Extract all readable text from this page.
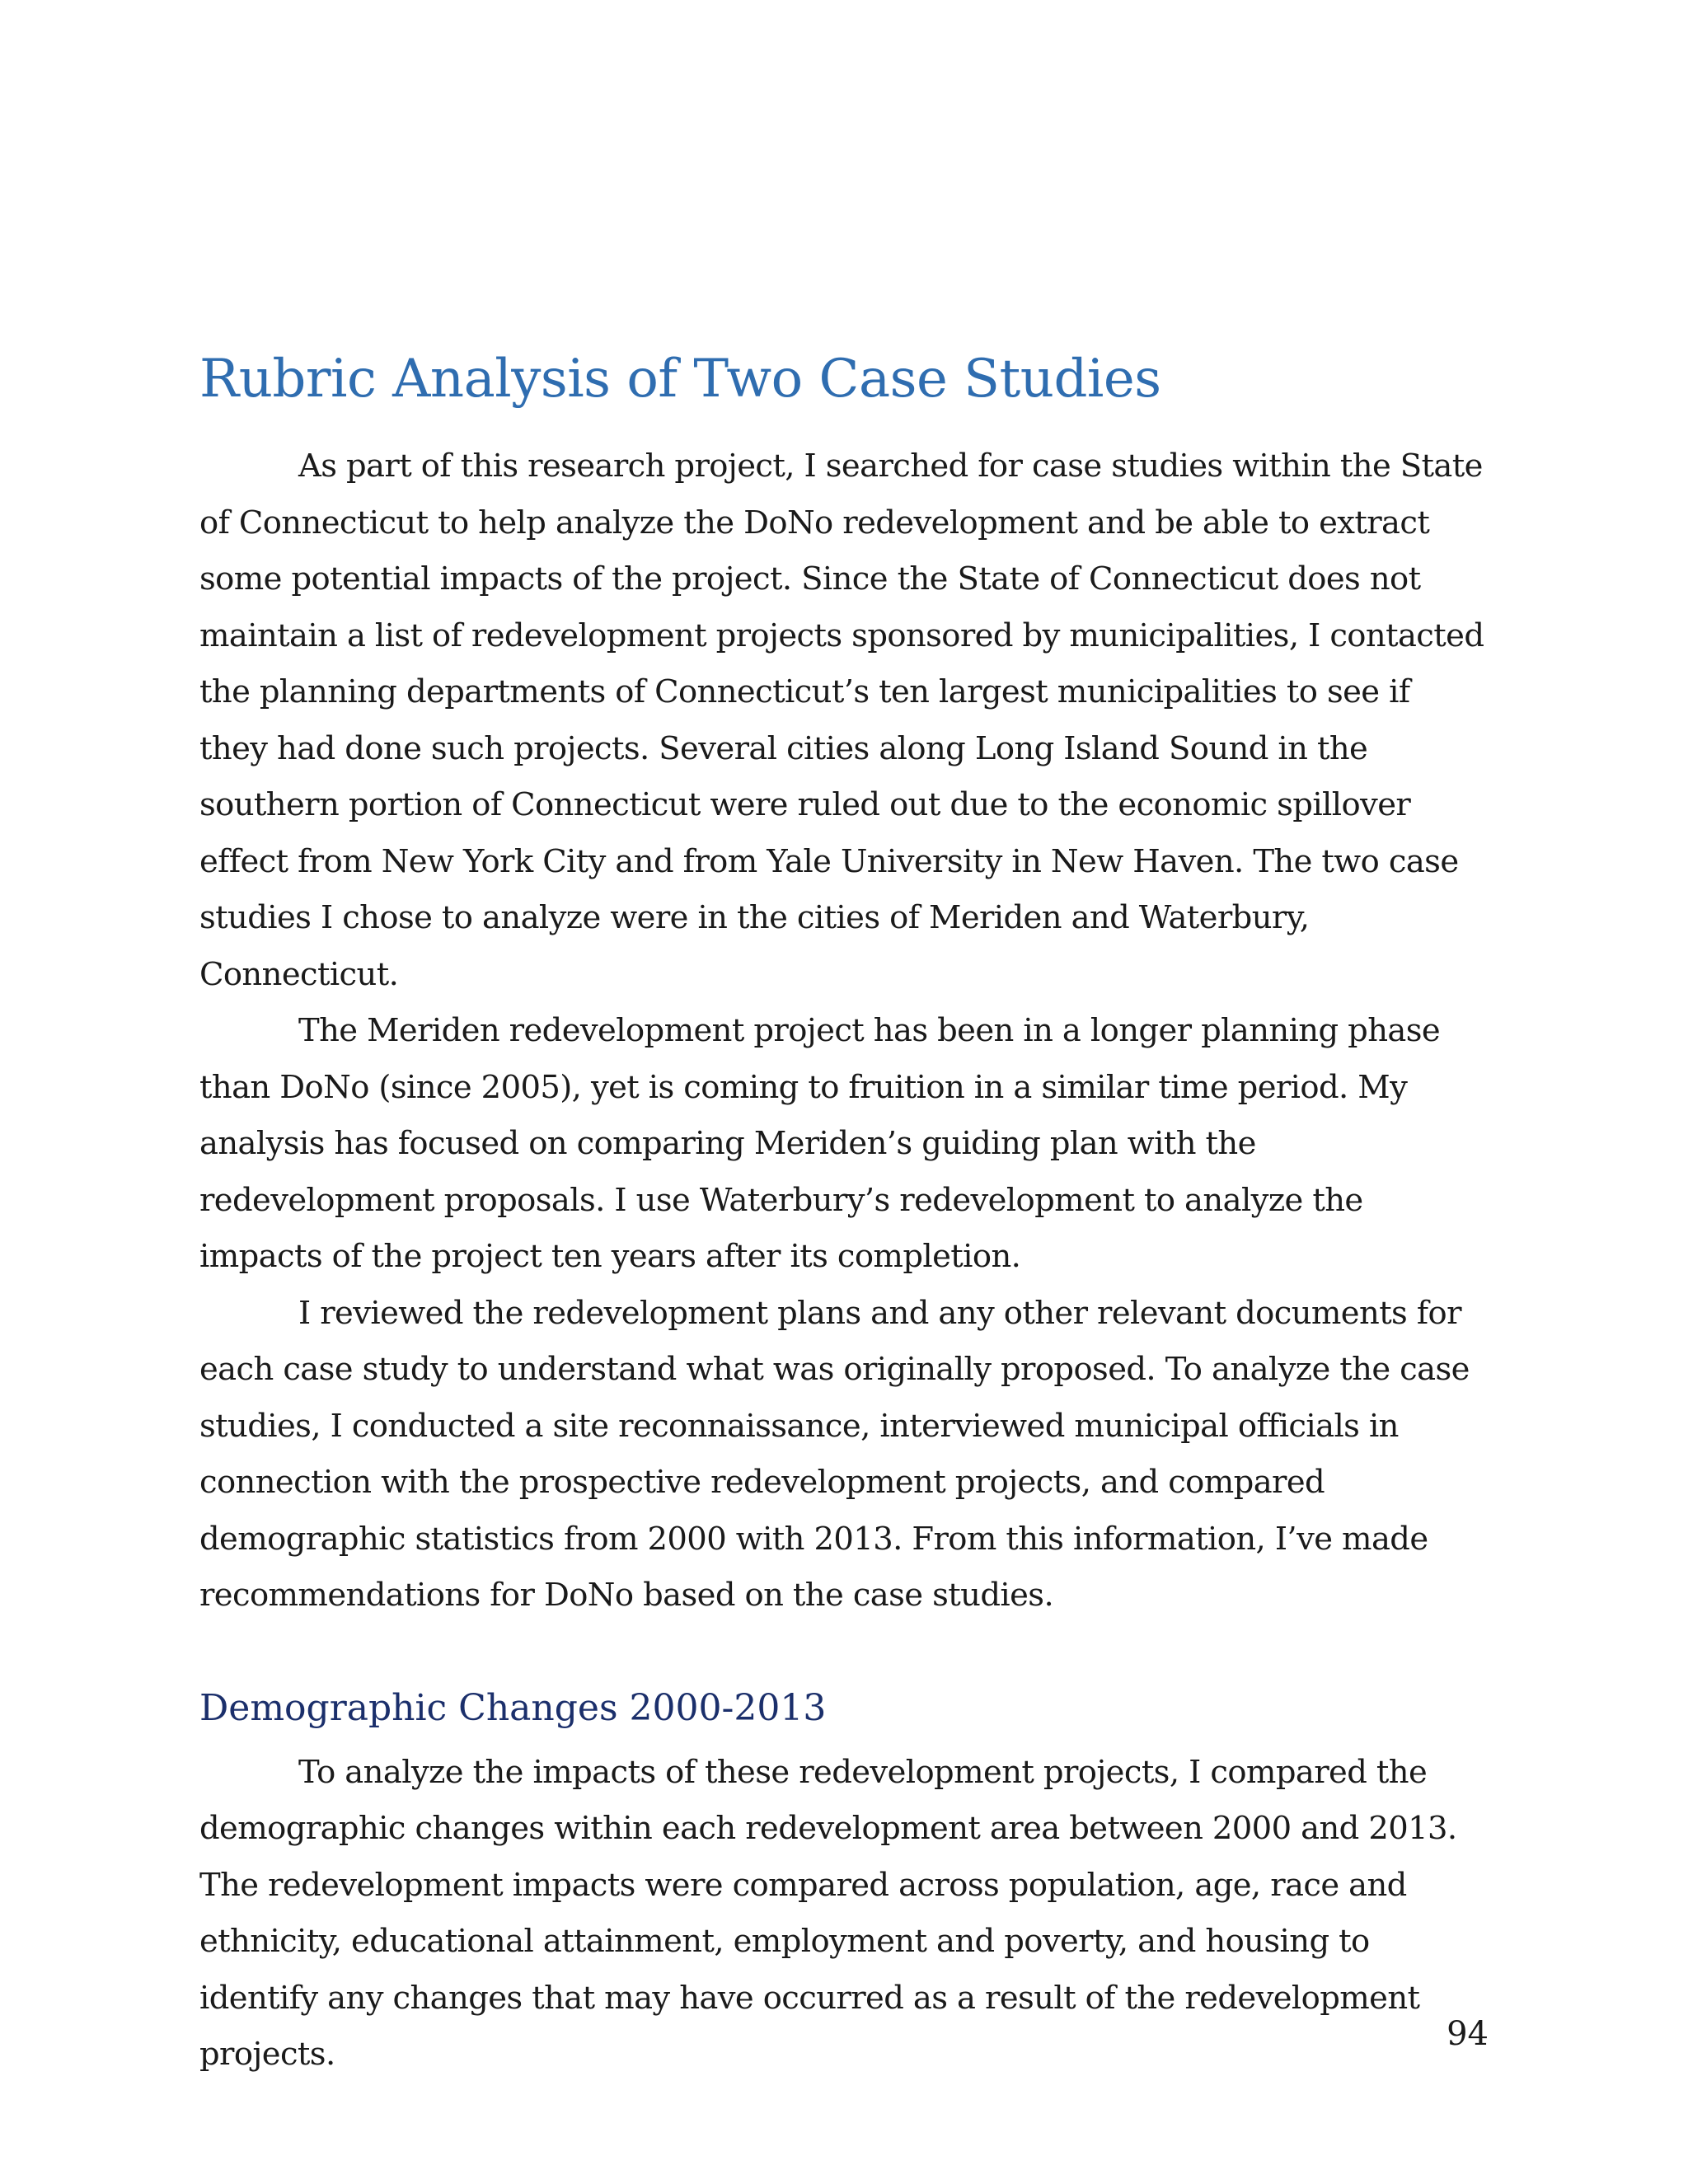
Rubric Analysis of Two Case Studies

As part of this research project, I searched for case studies within the State of Connecticut to help analyze the DoNo redevelopment and be able to extract some potential impacts of the project. Since the State of Connecticut does not maintain a list of redevelopment projects sponsored by municipalities, I contacted the planning departments of Connecticut’s ten largest municipalities to see if they had done such projects. Several cities along Long Island Sound in the southern portion of Connecticut were ruled out due to the economic spillover effect from New York City and from Yale University in New Haven. The two case studies I chose to analyze were in the cities of Meriden and Waterbury, Connecticut.

The Meriden redevelopment project has been in a longer planning phase than DoNo (since 2005), yet is coming to fruition in a similar time period. My analysis has focused on comparing Meriden’s guiding plan with the redevelopment proposals. I use Waterbury’s redevelopment to analyze the impacts of the project ten years after its completion.

I reviewed the redevelopment plans and any other relevant documents for each case study to understand what was originally proposed. To analyze the case studies, I conducted a site reconnaissance, interviewed municipal officials in connection with the prospective redevelopment projects, and compared demographic statistics from 2000 with 2013. From this information, I’ve made recommendations for DoNo based on the case studies.

Demographic Changes 2000-2013

To analyze the impacts of these redevelopment projects, I compared the demographic changes within each redevelopment area between 2000 and 2013. The redevelopment impacts were compared across population, age, race and ethnicity, educational attainment, employment and poverty, and housing to identify any changes that may have occurred as a result of the redevelopment projects.

94
